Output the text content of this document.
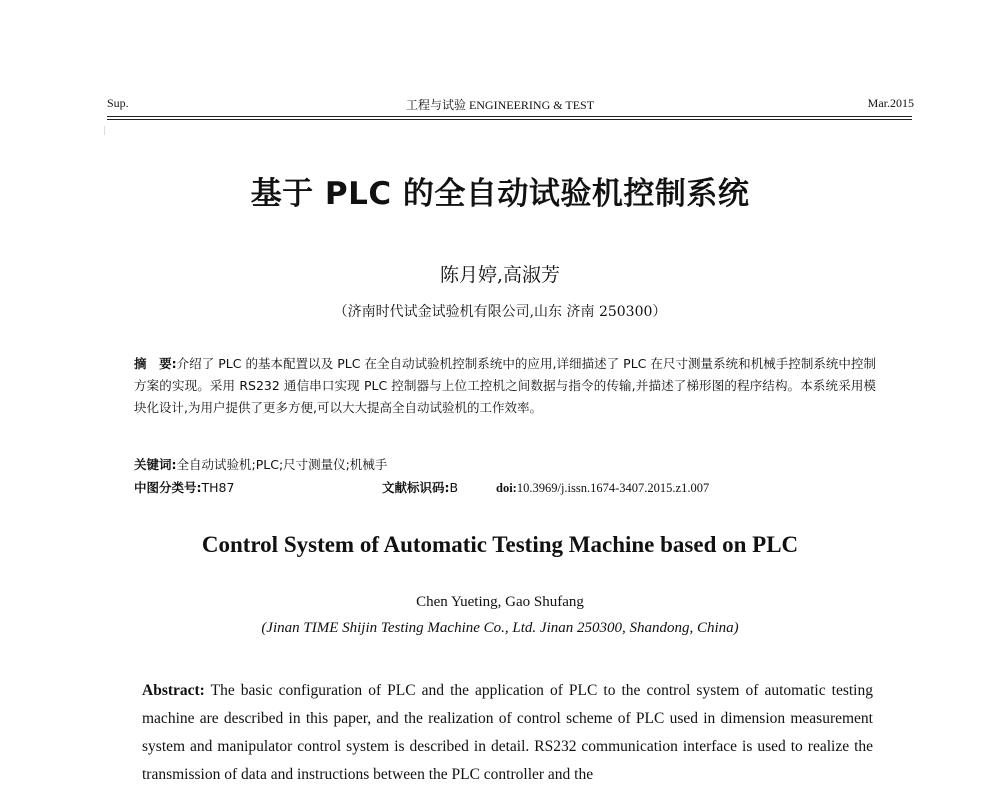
Sup.	工程与试验 ENGINEERING & TEST	Mar.2015
基于 PLC 的全自动试验机控制系统
陈月婷,高淑芳
（济南时代试金试验机有限公司,山东 济南 250300）
摘　要:介绍了 PLC 的基本配置以及 PLC 在全自动试验机控制系统中的应用,详细描述了 PLC 在尺寸测量系统和机械手控制系统中控制方案的实现。采用 RS232 通信串口实现 PLC 控制器与上位工控机之间数据与指令的传输,并描述了梯形图的程序结构。本系统采用模块化设计,为用户提供了更多方便,可以大大提高全自动试验机的工作效率。
关键词:全自动试验机;PLC;尺寸测量仪;机械手
中图分类号:TH87	文献标识码:B	doi:10.3969/j.issn.1674-3407.2015.z1.007
Control System of Automatic Testing Machine based on PLC
Chen Yueting, Gao Shufang
(Jinan TIME Shijin Testing Machine Co., Ltd. Jinan 250300, Shandong, China)
Abstract: The basic configuration of PLC and the application of PLC to the control system of automatic testing machine are described in this paper, and the realization of control scheme of PLC used in dimension measurement system and manipulator control system is described in detail. RS232 communication interface is used to realize the transmission of data and instructions between the PLC controller and the
